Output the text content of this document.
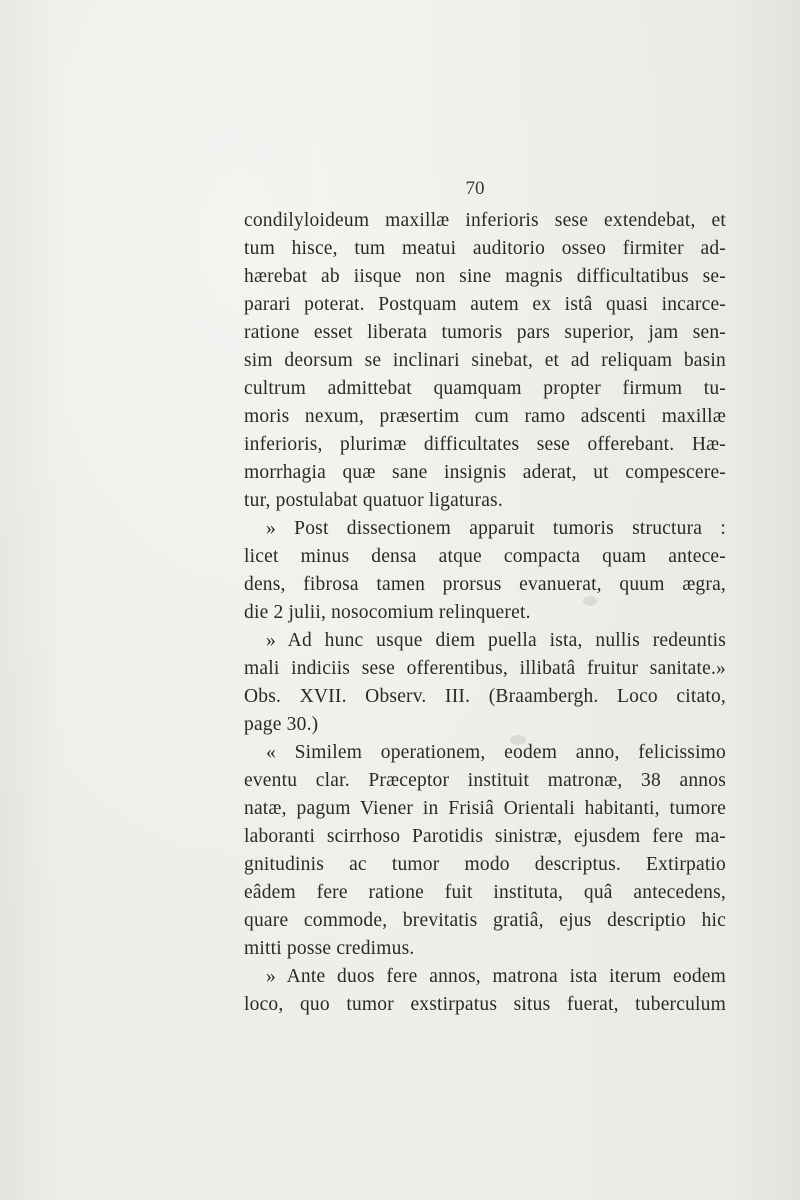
70
condilyloideum maxillæ inferioris sese extendebat, et
tum hisce, tum meatui auditorio osseo firmiter ad-
hærebat ab iisque non sine magnis difficultatibus se-
parari poterat. Postquam autem ex istâ quasi incarce-
ratione esset liberata tumoris pars superior, jam sen-
sim deorsum se inclinari sinebat, et ad reliquam basin
cultrum admittebat quamquam propter firmum tu-
moris nexum, præsertim cum ramo adscenti maxillæ
inferioris, plurimæ difficultates sese offerebant. Hæ-
morrhagia quæ sane insignis aderat, ut compescere-
tur, postulabat quatuor ligaturas.
» Post dissectionem apparuit tumoris structura :
licet minus densa atque compacta quam antece-
dens, fibrosa tamen prorsus evanuerat, quum ægra,
die 2 julii, nosocomium relinqueret.
» Ad hunc usque diem puella ista, nullis redeuntis
mali indiciis sese offerentibus, illibatâ fruitur sanitate.»
Obs. XVII. Observ. III. (Braambergh. Loco citato,
page 30.)
« Similem operationem, eodem anno, felicissimo
eventu clar. Præceptor instituit matronæ, 38 annos
natæ, pagum Viener in Frisiâ Orientali habitanti, tumore
laboranti scirrhoso Parotidis sinistræ, ejusdem fere ma-
gnitudinis ac tumor modo descriptus. Extirpatio
eâdem fere ratione fuit instituta, quâ antecedens,
quare commode, brevitatis gratiâ, ejus descriptio hic
mitti posse credimus.
» Ante duos fere annos, matrona ista iterum eodem
loco, quo tumor exstirpatus situs fuerat, tuberculum
